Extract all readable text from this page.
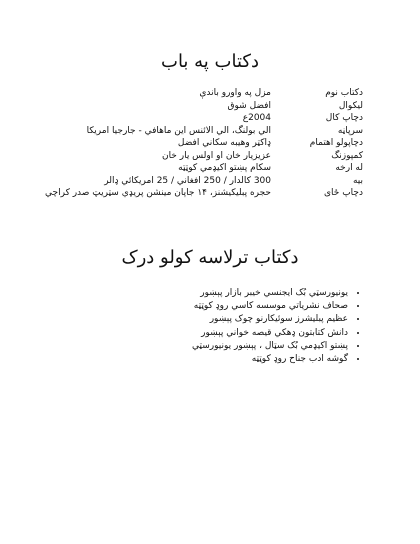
دکتاب په باب
دکتاب نوم	مزل په واورو باندې
ليکوال	افضل شوق
دچاپ کال	2004ع
سرپاڼه	الي بولنگ، الي الائنس اين ماهافي - جارجيا امريکا
دچاپولو اهتمام	ډاکټر وهيبه سکاني افضل
کمپوزنگ	عزيزيار خان او اولس يار خان
له ارخه	سکام پښتو اکيډمي کوټټه
بيه	300 کالدار / 250 افغاني / 25 امريکائي ډالر
دچاپ ځای	حجره پبليکيشنز، ۱۴ جاپان مينشن پريډي سټريټ صدر کراچي
دکتاب ترلاسه کولو درک
• يونيورسټي بُک ايجنسي خيبر بازار پېښور
• صحاف نشرياتي موسسه کاسي روډ کوټټه
• عظيم پبليشرز سوئيکارنو چوک پېښور
• دانش کتابتون ډهکي قيصه خواني پېښور
• پښتو اکيډمي بُک سټال ، پېښور يونيورسټي
• گوشه ادب جناح روډ کوټټه
